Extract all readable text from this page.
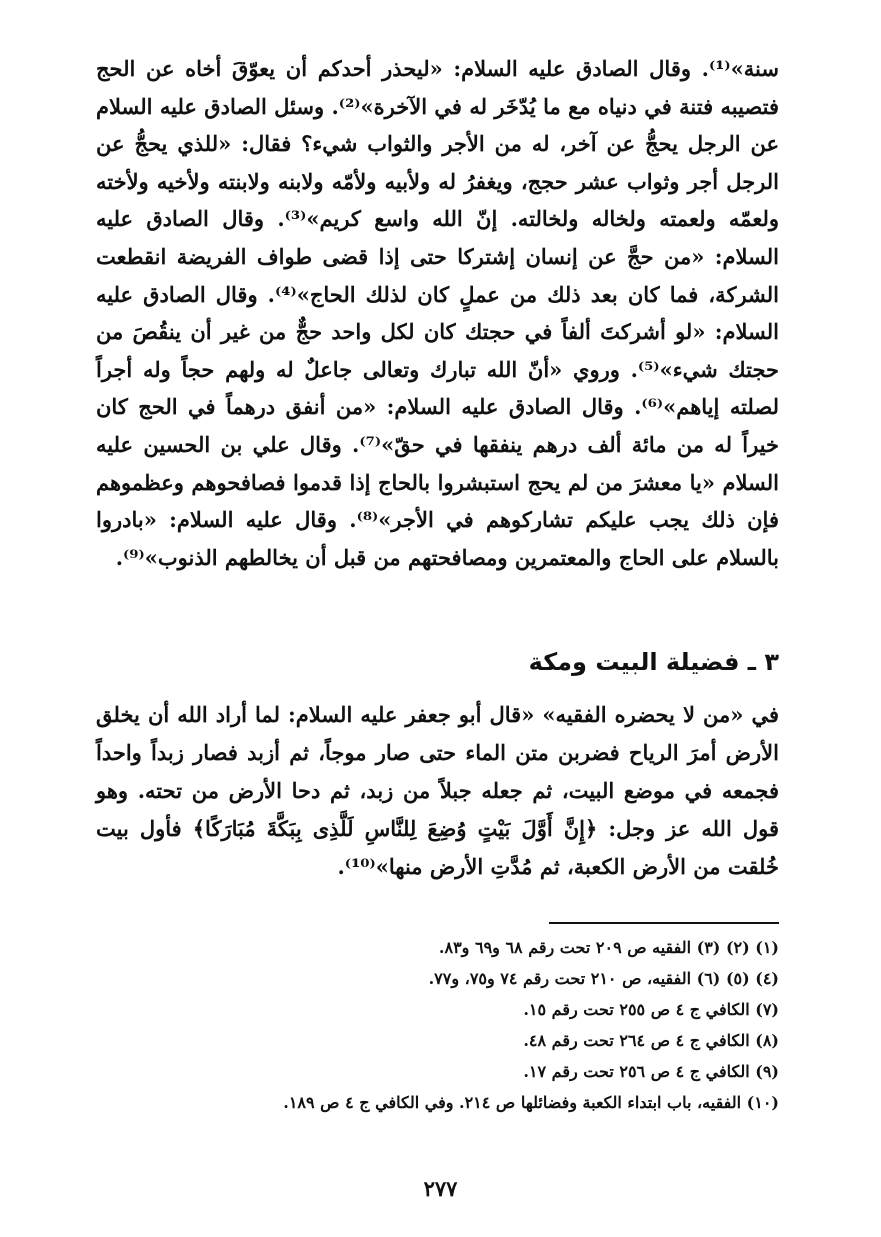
سنة»⁽¹⁾. وقال الصادق عليه السلام: «ليحذر أحدكم أن يعوّقَ أخاه عن الحج فتصيبه فتنة في دنياه مع ما يُدّخَر له في الآخرة»⁽²⁾. وسئل الصادق عليه السلام عن الرجل يحجُّ عن آخر، له من الأجر والثواب شيء؟ فقال: «للذي يحجُّ عن الرجل أجر وثواب عشر حجج، ويغفرُ له ولأبيه ولأمّه ولابنه ولابنته ولأخيه ولأخته ولعمّه ولعمته ولخاله ولخالته. إنّ الله واسع كريم»⁽³⁾. وقال الصادق عليه السلام: «من حجَّ عن إنسان إشتركا حتى إذا قضى طواف الفريضة انقطعت الشركة، فما كان بعد ذلك من عملٍ كان لذلك الحاج»⁽⁴⁾. وقال الصادق عليه السلام: «لو أشركتَ ألفاً في حجتك كان لكل واحد حجٌّ من غير أن ينقُصَ من حجتك شيء»⁽⁵⁾. وروي «أنّ الله تبارك وتعالى جاعلٌ له ولهم حجاً وله أجراً لصلته إياهم»⁽⁶⁾. وقال الصادق عليه السلام: «من أنفق درهماً في الحج كان خيراً له من مائة ألف درهم ينفقها في حقّ»⁽⁷⁾. وقال علي بن الحسين عليه السلام «يا معشرَ من لم يحج استبشروا بالحاج إذا قدموا فصافحوهم وعظموهم فإن ذلك يجب عليكم تشاركوهم في الأجر»⁽⁸⁾. وقال عليه السلام: «بادروا بالسلام على الحاج والمعتمرين ومصافحتهم من قبل أن يخالطهم الذنوب»⁽⁹⁾.

٣ ـ فضيلة البيت ومكة

في «من لا يحضره الفقيه» «قال أبو جعفر عليه السلام: لما أراد الله أن يخلق الأرض أمرَ الرياح فضربن متن الماء حتى صار موجاً، ثم أزبد فصار زبداً واحداً فجمعه في موضع البيت، ثم جعله جبلاً من زبد، ثم دحا الأرض من تحته. وهو قول الله عز وجل: ﴿إِنَّ أَوَّلَ بَيْتٍ وُضِعَ لِلنَّاسِ لَلَّذِى بِبَكَّةَ مُبَارَكًا﴾ فأول بيت خُلقت من الأرض الكعبة، ثم مُدَّتِ الأرض منها»⁽¹⁰⁾.

(١) (٢) (٣) الفقيه ص ٢٠٩ تحت رقم ٦٨ و٦٩ و٨٣.
(٤) (٥) (٦) الفقيه، ص ٢١٠ تحت رقم ٧٤ و٧٥، و٧٧.
(٧) الكافي ج ٤ ص ٢٥٥ تحت رقم ١٥.
(٨) الكافي ج ٤ ص ٢٦٤ تحت رقم ٤٨.
(٩) الكافي ج ٤ ص ٢٥٦ تحت رقم ١٧.
(١٠) الفقيه، باب ابتداء الكعبة وفضائلها ص ٢١٤. وفي الكافي ج ٤ ص ١٨٩.
٢٧٧
